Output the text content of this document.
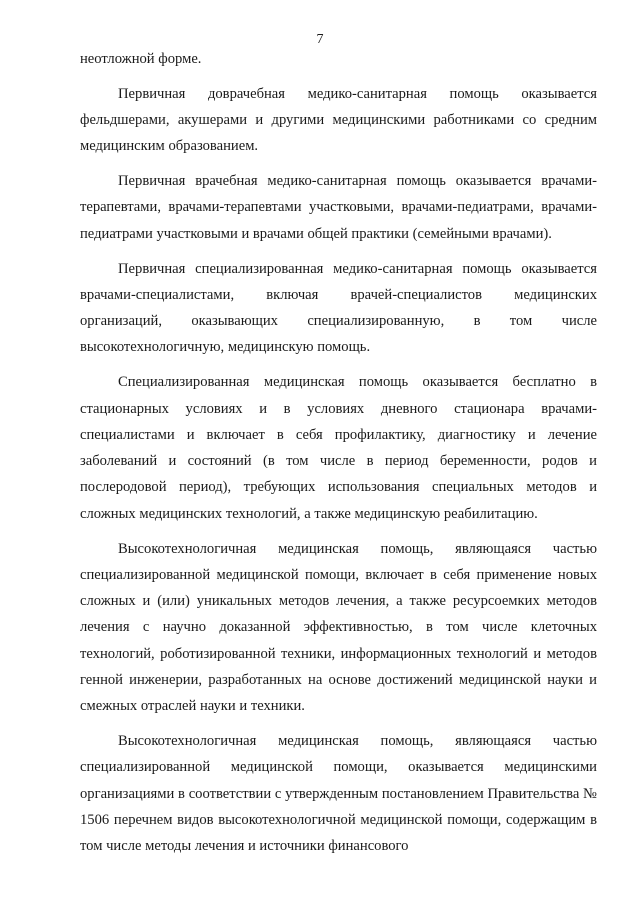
7

неотложной форме.

Первичная доврачебная медико-санитарная помощь оказывается фельдшерами, акушерами и другими медицинскими работниками со средним медицинским образованием.

Первичная врачебная медико-санитарная помощь оказывается врачами-терапевтами, врачами-терапевтами участковыми, врачами-педиатрами, врачами-педиатрами участковыми и врачами общей практики (семейными врачами).

Первичная специализированная медико-санитарная помощь оказывается врачами-специалистами, включая врачей-специалистов медицинских организаций, оказывающих специализированную, в том числе высокотехнологичную, медицинскую помощь.

Специализированная медицинская помощь оказывается бесплатно в стационарных условиях и в условиях дневного стационара врачами-специалистами и включает в себя профилактику, диагностику и лечение заболеваний и состояний (в том числе в период беременности, родов и послеродовой период), требующих использования специальных методов и сложных медицинских технологий, а также медицинскую реабилитацию.

Высокотехнологичная медицинская помощь, являющаяся частью специализированной медицинской помощи, включает в себя применение новых сложных и (или) уникальных методов лечения, а также ресурсоемких методов лечения с научно доказанной эффективностью, в том числе клеточных технологий, роботизированной техники, информационных технологий и методов генной инженерии, разработанных на основе достижений медицинской науки и смежных отраслей науки и техники.

Высокотехнологичная медицинская помощь, являющаяся частью специализированной медицинской помощи, оказывается медицинскими организациями в соответствии с утвержденным постановлением Правительства № 1506 перечнем видов высокотехнологичной медицинской помощи, содержащим в том числе методы лечения и источники финансового
